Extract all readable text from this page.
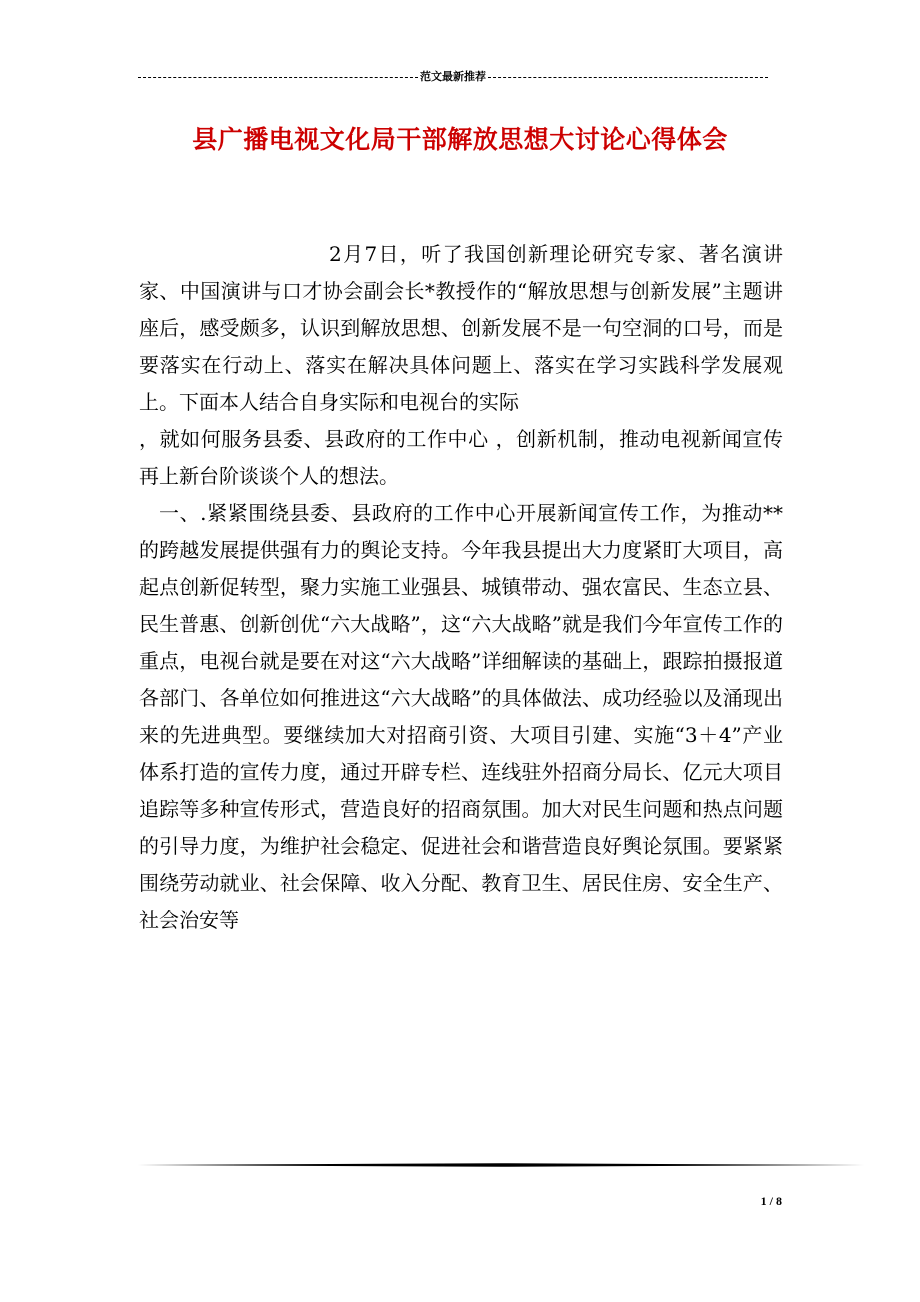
范文最新推荐
县广播电视文化局干部解放思想大讨论心得体会

2月7日，听了我国创新理论研究专家、著名演讲家、中国演讲与口才协会副会长*教授作的“解放思想与创新发展”主题讲座后，感受颇多，认识到解放思想、创新发展不是一句空洞的口号，而是要落实在行动上、落实在解决具体问题上、落实在学习实践科学发展观上。下面本人结合自身实际和电视台的实际

，就如何服务县委、县政府的工作中心 ，创新机制，推动电视新闻宣传再上新台阶谈谈个人的想法。

一、.紧紧围绕县委、县政府的工作中心开展新闻宣传工作，为推动**的跨越发展提供强有力的舆论支持。今年我县提出大力度紧盯大项目，高起点创新促转型，聚力实施工业强县、城镇带动、强农富民、生态立县、民生普惠、创新创优“六大战略”，这“六大战略”就是我们今年宣传工作的重点，电视台就是要在对这“六大战略”详细解读的基础上，跟踪拍摄报道各部门、各单位如何推进这“六大战略”的具体做法、成功经验以及涌现出来的先进典型。要继续加大对招商引资、大项目引建、实施“3＋4”产业体系打造的宣传力度，通过开辟专栏、连线驻外招商分局长、亿元大项目追踪等多种宣传形式，营造良好的招商氛围。加大对民生问题和热点问题的引导力度，为维护社会稳定、促进社会和谐营造良好舆论氛围。要紧紧围绕劳动就业、社会保障、收入分配、教育卫生、居民住房、安全生产、社会治安等

1 / 8
